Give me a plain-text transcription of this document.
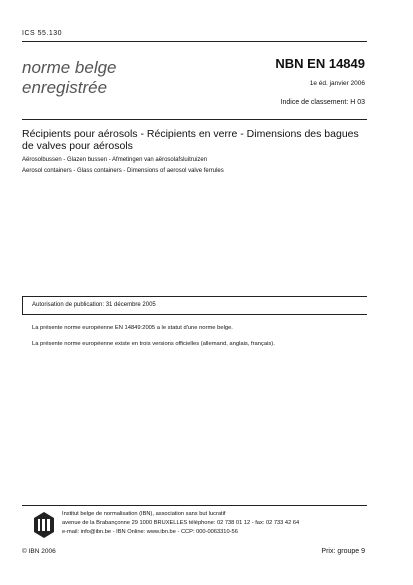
ICS 55.130
norme belge
enregistrée
NBN EN 14849
1e éd. janvier 2006
Indice de classement: H 03
Récipients pour aérosols - Récipients en verre - Dimensions des bagues de valves pour aérosols
Aërosolbussen - Glazen bussen - Afmetingen van aërosolafsluitruizen
Aerosol containers - Glass containers - Dimensions of aerosol valve ferrules
Autorisation de publication: 31 décembre 2005
La présente norme européenne EN 14849:2005 a le statut d'une norme belge.
La présente norme européenne existe en trois versions officielles (allemand, anglais, français).
Institut belge de normalisation (IBN), association sans but lucratif
avenue de la Brabançonne 29 1000 BRUXELLES téléphone: 02 738 01 12 - fax: 02 733 42 64
e-mail: info@ibn.be - IBN Online: www.ibn.be - CCP: 000-0063310-56
© IBN 2006	Prix: groupe 9
